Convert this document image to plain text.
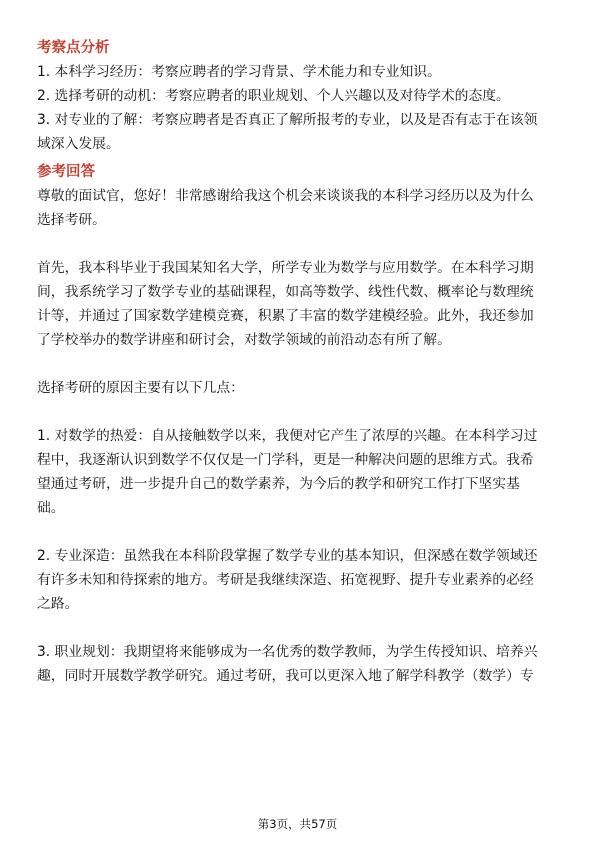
考察点分析

1. 本科学习经历：考察应聘者的学习背景、学术能力和专业知识。

2. 选择考研的动机：考察应聘者的职业规划、个人兴趣以及对待学术的态度。

3. 对专业的了解：考察应聘者是否真正了解所报考的专业，以及是否有志于在该领

域深入发展。

参考回答

尊敬的面试官，您好！非常感谢给我这个机会来谈谈我的本科学习经历以及为什么

选择考研。

首先，我本科毕业于我国某知名大学，所学专业为数学与应用数学。在本科学习期

间，我系统学习了数学专业的基础课程，如高等数学、线性代数、概率论与数理统

计等，并通过了国家数学建模竞赛，积累了丰富的数学建模经验。此外，我还参加

了学校举办的数学讲座和研讨会，对数学领域的前沿动态有所了解。

选择考研的原因主要有以下几点：

1. 对数学的热爱：自从接触数学以来，我便对它产生了浓厚的兴趣。在本科学习过

程中，我逐渐认识到数学不仅仅是一门学科，更是一种解决问题的思维方式。我希

望通过考研，进一步提升自己的数学素养，为今后的教学和研究工作打下坚实基

础。

2. 专业深造：虽然我在本科阶段掌握了数学专业的基本知识，但深感在数学领域还

有许多未知和待探索的地方。考研是我继续深造、拓宽视野、提升专业素养的必经

之路。

3. 职业规划：我期望将来能够成为一名优秀的数学教师，为学生传授知识、培养兴

趣，同时开展数学教学研究。通过考研，我可以更深入地了解学科教学（数学）专

第3页，共57页
